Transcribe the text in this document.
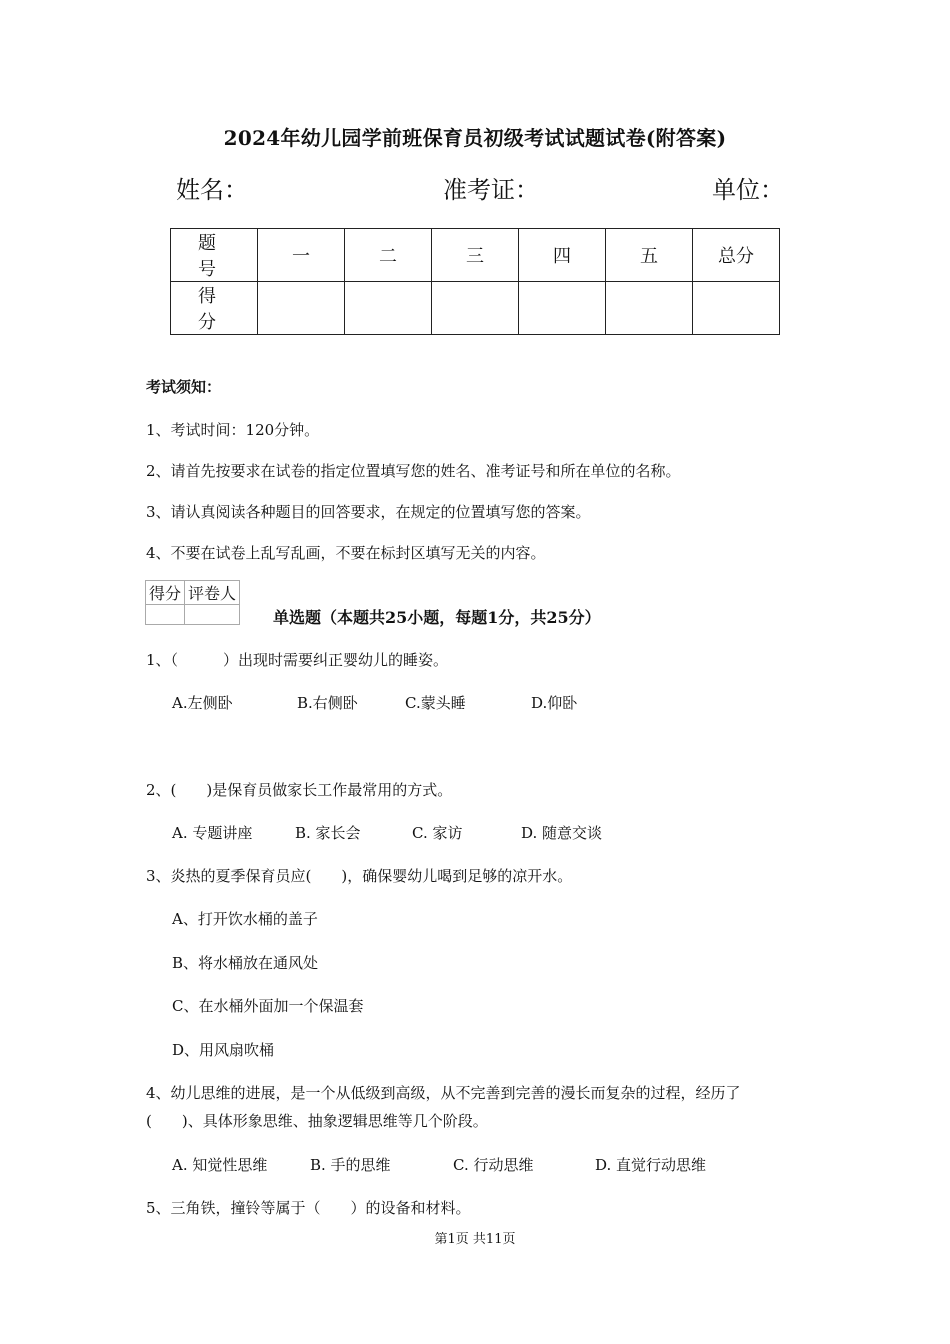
2024年幼儿园学前班保育员初级考试试题试卷(附答案)
姓名：	准考证：	单位：
题　号	一	二	三	四	五	总分
得　分						
考试须知：
1、考试时间：120分钟。
2、请首先按要求在试卷的指定位置填写您的姓名、准考证号和所在单位的名称。
3、请认真阅读各种题目的回答要求，在规定的位置填写您的答案。
4、不要在试卷上乱写乱画，不要在标封区填写无关的内容。
得分	评卷人

单选题（本题共25小题，每题1分，共25分）
1、（　　　）出现时需要纠正婴幼儿的睡姿。
A.左侧卧	B.右侧卧	C.蒙头睡	D.仰卧
2、(　　)是保育员做家长工作最常用的方式。
A. 专题讲座	B. 家长会	C. 家访	D. 随意交谈
3、炎热的夏季保育员应(　　)，确保婴幼儿喝到足够的凉开水。
A、打开饮水桶的盖子
B、将水桶放在通风处
C、在水桶外面加一个保温套
D、用风扇吹桶
4、幼儿思维的进展，是一个从低级到高级，从不完善到完善的漫长而复杂的过程，经历了
(　　)、具体形象思维、抽象逻辑思维等几个阶段。
A. 知觉性思维	B. 手的思维	C. 行动思维	D. 直觉行动思维
5、三角铁，撞铃等属于（　　）的设备和材料。
第1页 共11页
